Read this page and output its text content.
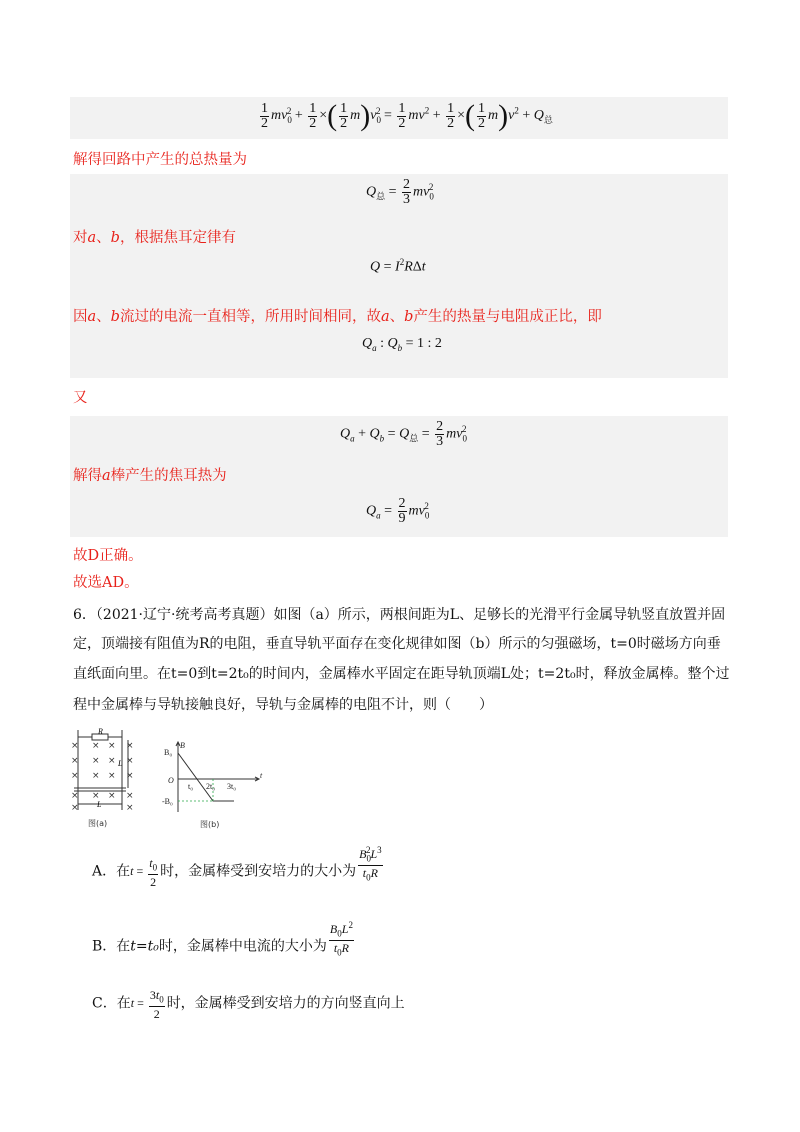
$\frac{1}{2} mv_0^2 + \frac{1}{2}$ ×( $\frac{1}{2} m)v_0^2 = \frac{1}{2} mv^2 + \frac{1}{2}$ ×( $\frac{1}{2} m)v^2 + Q_总$
解得回路中产生的总热量为
$Q_总 = \frac{2}{3} mv_0^2$
对a、b，根据焦耳定律有
$Q = I^2R\Delta t$
因a、b流过的电流一直相等，所用时间相同，故a、b产生的热量与电阻成正比，即
$Q_a$ : $Q_b = 1$ : 2
又
$Q_a + Q_b = Q_总 = \frac{2}{3} mv_0^2$
解得a棒产生的焦耳热为
$Q_a = \frac{2}{9} mv_0^2$
故D正确。
故选AD。
6．（2021·辽宁·统考高考真题）如图（a）所示，两根间距为L、足够长的光滑平行金属导轨竖直放置并固
定，顶端接有阻值为R的电阻，垂直导轨平面存在变化规律如图（b）所示的匀强磁场，t=0时磁场方向垂
直纸面向里。在t=0到t=2t₀的时间内，金属棒水平固定在距导轨顶端L处；t=2t₀时，释放金属棒。整个过
程中金属棒与导轨接触良好，导轨与金属棒的电阻不计，则（　　）
R
L
L
× × × ×
× × × ×
× × × ×
× × × ×
×	×
图(a)
B
B₀
O
-B₀
t
t₀ 2t₀ 3t₀
图(b)
A．在$t = \frac{t_0}{2}$ 时，金属棒受到安培力的大小为 $\frac{B_0^2L^3}{t_0R}$
B．在t=t₀时，金属棒中电流的大小为 $\frac{B_0L^2}{t_0R}$
C．在$t = \frac{3t_0}{2}$ 时，金属棒受到安培力的方向竖直向上
